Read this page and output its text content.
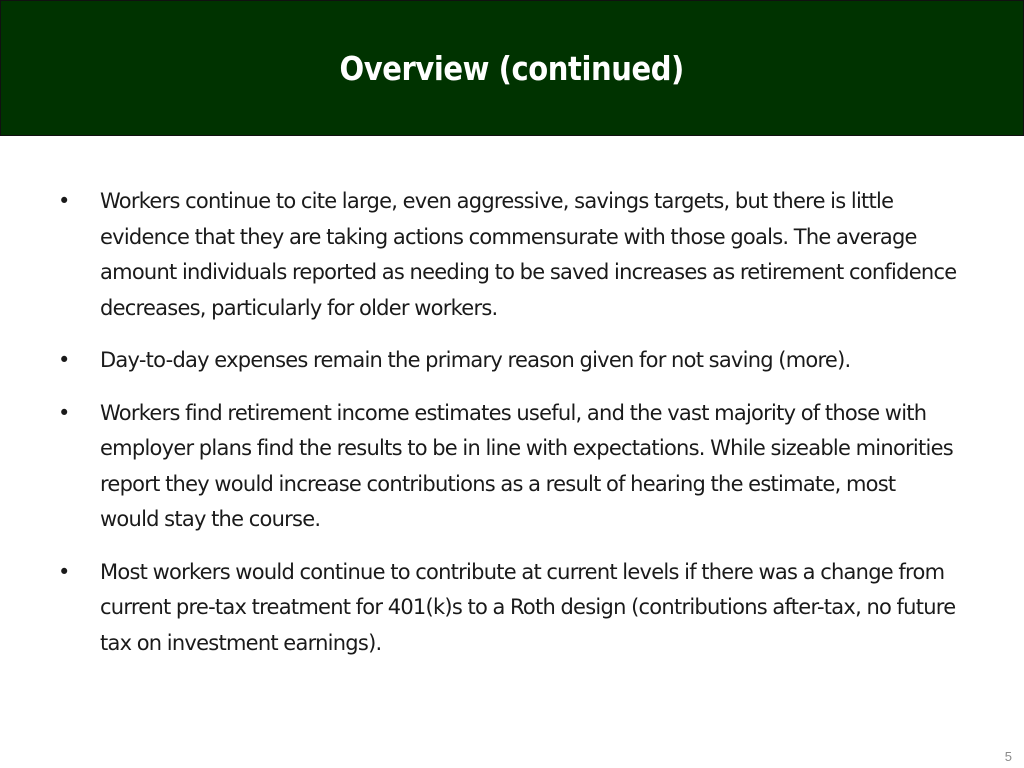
Overview (continued)
• Workers continue to cite large, even aggressive, savings targets, but there is little evidence that they are taking actions commensurate with those goals. The average amount individuals reported as needing to be saved increases as retirement confidence decreases, particularly for older workers.
• Day-to-day expenses remain the primary reason given for not saving (more).
• Workers find retirement income estimates useful, and the vast majority of those with employer plans find the results to be in line with expectations. While sizeable minorities report they would increase contributions as a result of hearing the estimate, most would stay the course.
• Most workers would continue to contribute at current levels if there was a change from current pre-tax treatment for 401(k)s to a Roth design (contributions after-tax, no future tax on investment earnings).
5
